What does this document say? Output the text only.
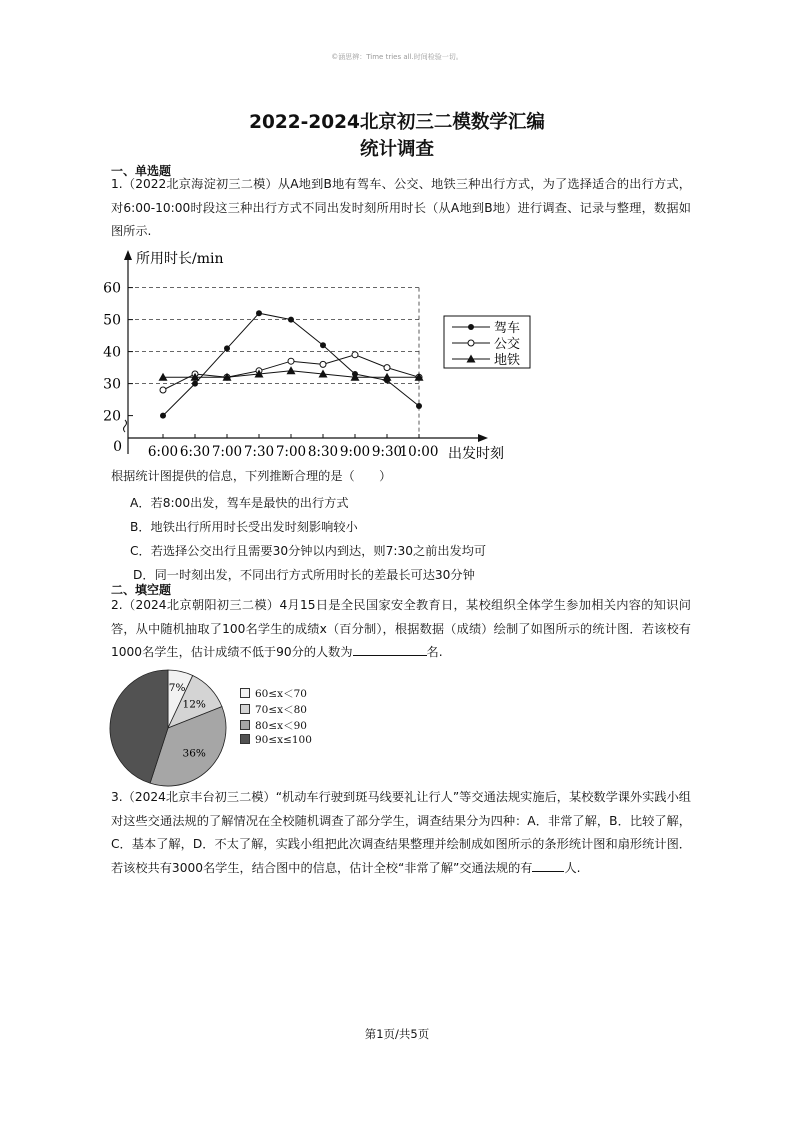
©涵思辨：Time tries all.时间检验一切。
2022-2024北京初三二模数学汇编
统计调查
一、单选题
1.（2022北京海淀初三二模）从A地到B地有驾车、公交、地铁三种出行方式，为了选择适合的出行方式，对6:00-10:00时段这三种出行方式不同出发时刻所用时长（从A地到B地）进行调查、记录与整理，数据如图所示.
所用时长/min
出发时刻
0
20
30
40
50
60
6:00 6:30 7:00 7:30 7:00 8:30 9:00 9:30
10:00
驾车
公交
地铁
根据统计图提供的信息，下列推断合理的是（　　）
A．若8:00出发，驾车是最快的出行方式
B．地铁出行所用时长受出发时刻影响较小
C．若选择公交出行且需要30分钟以内到达，则7:30之前出发均可
D．同一时刻出发，不同出行方式所用时长的差最长可达30分钟
二、填空题
2.（2024北京朝阳初三二模）4月15日是全民国家安全教育日，某校组织全体学生参加相关内容的知识问答，从中随机抽取了100名学生的成绩x（百分制），根据数据（成绩）绘制了如图所示的统计图．若该校有1000名学生，估计成绩不低于90分的人数为	名.
7%
12%
36%
60≤x＜70
70≤x＜80
80≤x＜90
90≤x≤100
3.（2024北京丰台初三二模）“机动车行驶到斑马线要礼让行人”等交通法规实施后，某校数学课外实践小组对这些交通法规的了解情况在全校随机调查了部分学生，调查结果分为四种：A．非常了解，B．比较了解，C．基本了解，D．不太了解，实践小组把此次调查结果整理并绘制成如图所示的条形统计图和扇形统计图．若该校共有3000名学生，结合图中的信息，估计全校“非常了解”交通法规的有	人.
第1页/共5页
